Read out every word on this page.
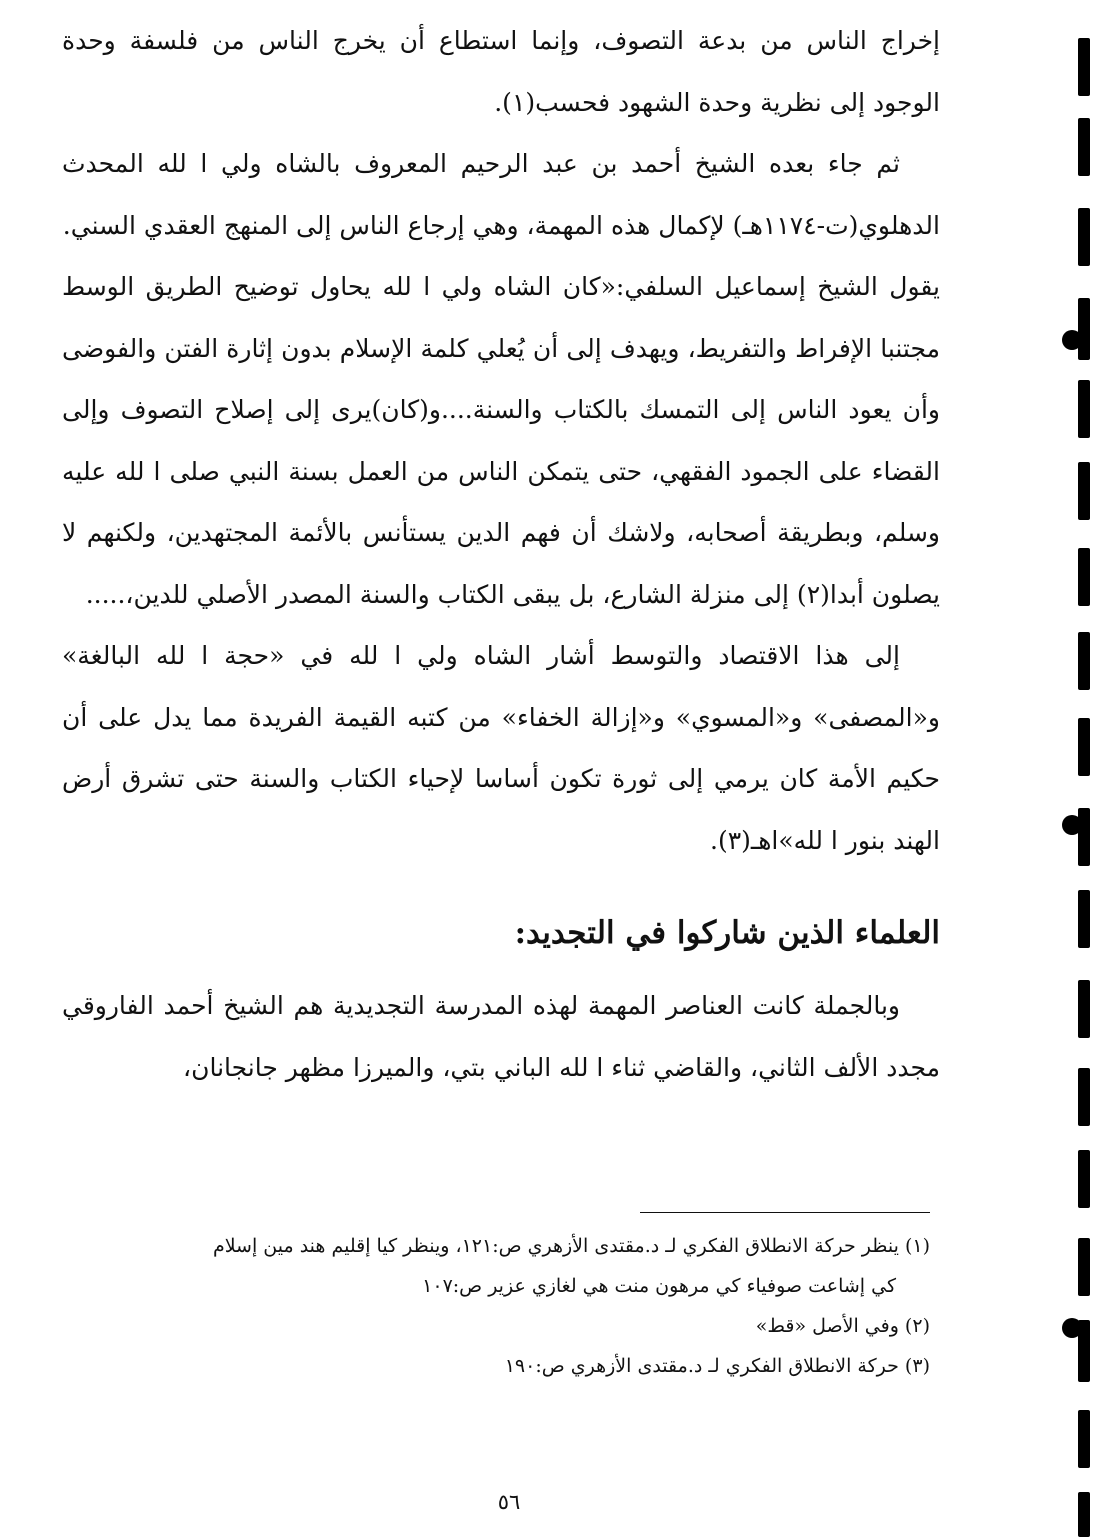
إخراج الناس من بدعة التصوف، وإنما استطاع أن يخرج الناس من فلسفة وحدة الوجود إلى نظرية وحدة الشهود فحسب(١).

ثم جاء بعده الشيخ أحمد بن عبد الرحيم المعروف بالشاه ولي ا لله المحدث الدهلوي(ت-١١٧٤هـ) لإكمال هذه المهمة، وهي إرجاع الناس إلى المنهج العقدي السني.

يقول الشيخ إسماعيل السلفي:«كان الشاه ولي ا لله يحاول توضيح الطريق الوسط مجتنبا الإفراط والتفريط، ويهدف إلى أن يُعلي كلمة الإسلام بدون إثارة الفتن والفوضى وأن يعود الناس إلى التمسك بالكتاب والسنة....و(كان)يرى إلى إصلاح التصوف وإلى القضاء على الجمود الفقهي، حتى يتمكن الناس من العمل بسنة النبي صلى ا لله عليه وسلم، وبطريقة أصحابه، ولاشك أن فهم الدين يستأنس بالأئمة المجتهدين، ولكنهم لا يصلون أبدا(٢) إلى منزلة الشارع، بل يبقى الكتاب والسنة المصدر الأصلي للدين،.....

إلى هذا الاقتصاد والتوسط أشار الشاه ولي ا لله في «حجة ا لله البالغة» و«المصفى» و«المسوي» و«إزالة الخفاء» من كتبه القيمة الفريدة مما يدل على أن حكيم الأمة كان يرمي إلى ثورة تكون أساسا لإحياء الكتاب والسنة حتى تشرق أرض الهند بنور ا لله»اهـ(٣).

العلماء الذين شاركوا في التجديد:

وبالجملة كانت العناصر المهمة لهذه المدرسة التجديدية هم الشيخ أحمد الفاروقي مجدد الألف الثاني، والقاضي ثناء ا لله الباني بتي، والميرزا مظهر جانجانان،

(١) ينظر حركة الانطلاق الفكري لـ د.مقتدى الأزهري ص:١٢١، وينظر كيا إقليم هند مين إسلام

كي إشاعت صوفياء كي مرهون منت هي لغازي عزير ص:١٠٧

(٢) وفي الأصل «قط»

(٣) حركة الانطلاق الفكري لـ د.مقتدى الأزهري ص:١٩٠

٥٦
